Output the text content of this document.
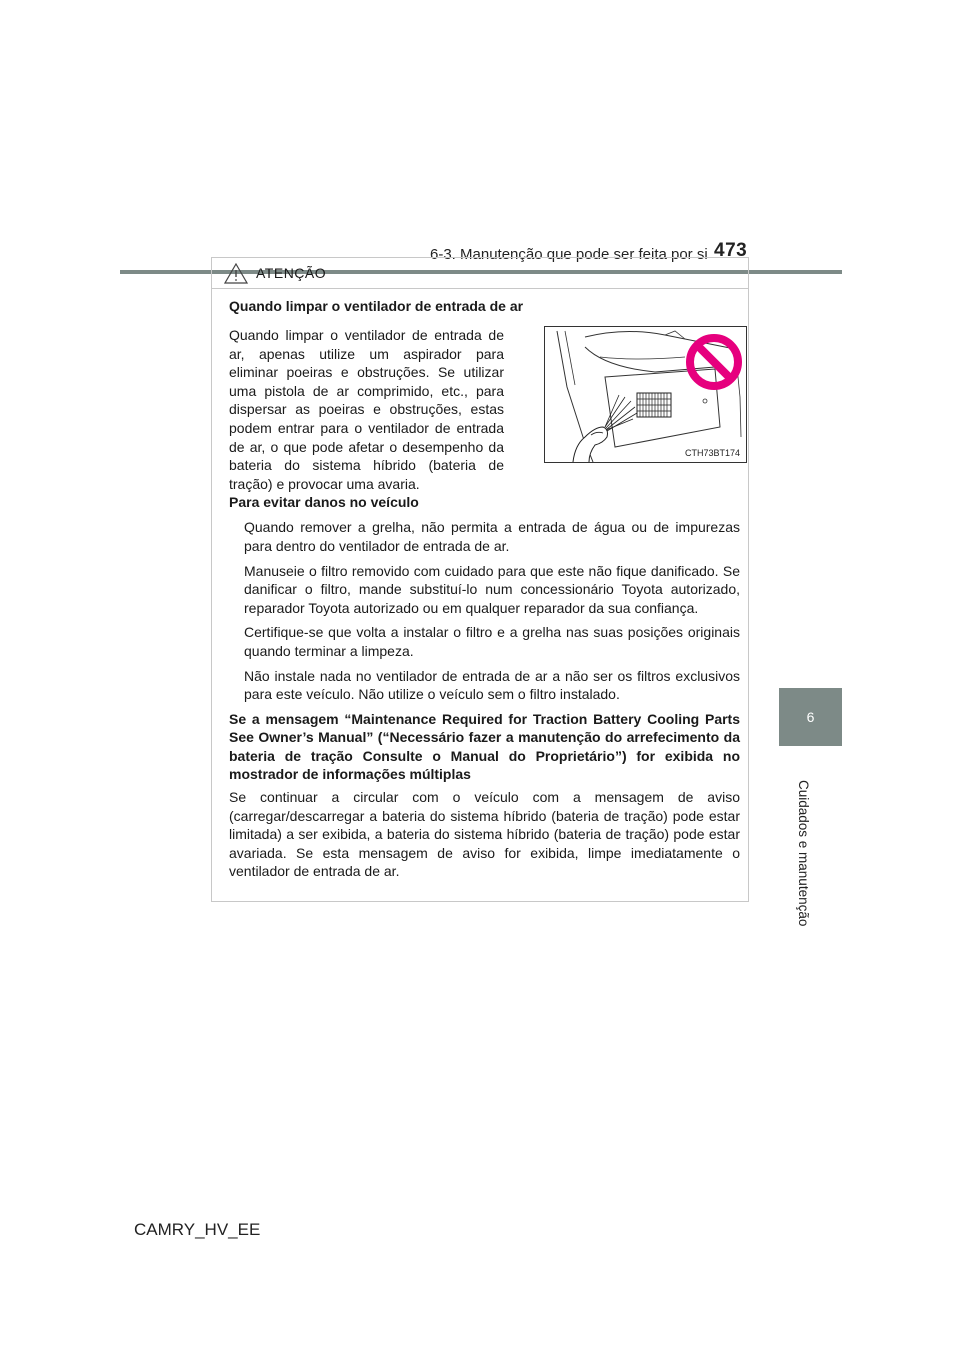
6-3. Manutenção que pode ser feita por si 473
6
Cuidados e manutenção
ATENÇÃO

Quando limpar o ventilador de entrada de ar

Quando limpar o ventilador de entrada de ar, apenas utilize um aspirador para eliminar poeiras e obstruções. Se utilizar uma pistola de ar comprimido, etc., para dispersar as poeiras e obstruções, estas podem entrar para o ventilador de entrada de ar, o que pode afetar o desempenho da bateria do sistema híbrido (bateria de tração) e provocar uma avaria.

CTH73BT174

Para evitar danos no veículo

Quando remover a grelha, não permita a entrada de água ou de impurezas para dentro do ventilador de entrada de ar.

Manuseie o filtro removido com cuidado para que este não fique danificado. Se danificar o filtro, mande substituí-lo num concessionário Toyota autorizado, reparador Toyota autorizado ou em qualquer reparador da sua confiança.

Certifique-se que volta a instalar o filtro e a grelha nas suas posições originais quando terminar a limpeza.

Não instale nada no ventilador de entrada de ar a não ser os filtros exclusivos para este veículo. Não utilize o veículo sem o filtro instalado.

Se a mensagem “Maintenance Required for Traction Battery Cooling Parts See Owner’s Manual” (“Necessário fazer a manutenção do arrefecimento da bateria de tração Consulte o Manual do Proprietário”) for exibida no mostrador de informações múltiplas

Se continuar a circular com o veículo com a mensagem de aviso (carregar/descarregar a bateria do sistema híbrido (bateria de tração) pode estar limitada) a ser exibida, a bateria do sistema híbrido (bateria de tração) pode estar avariada. Se esta mensagem de aviso for exibida, limpe imediatamente o ventilador de entrada de ar.

CAMRY_HV_EE
